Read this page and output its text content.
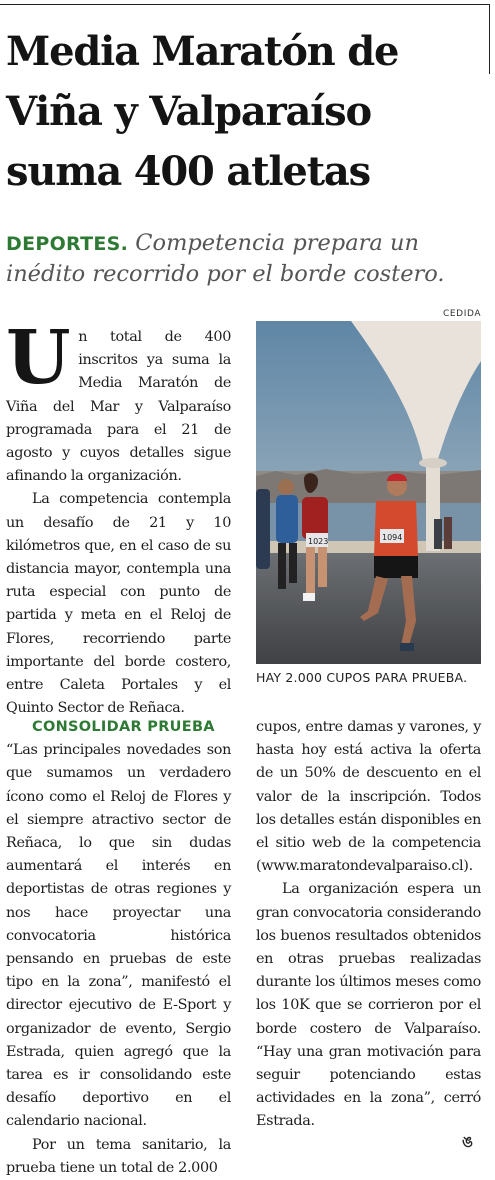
Media Maratón de Viña y Valparaíso suma 400 atletas

DEPORTES. Competencia prepara un inédito recorrido por el borde costero.

CEDIDA
1023	1094
HAY 2.000 CUPOS PARA PRUEBA.
U n total de 400 inscritos ya suma la Media Maratón de Viña del Mar y Valparaíso programada para el 21 de agosto y cuyos detalles sigue afinando la organización.

La competencia contempla un desafío de 21 y 10 kilómetros que, en el caso de su distancia mayor, contempla una ruta especial con punto de partida y meta en el Reloj de Flores, recorriendo parte importante del borde costero, entre Caleta Portales y el Quinto Sector de Reñaca.

CONSOLIDAR PRUEBA

“Las principales novedades son que sumamos un verdadero ícono como el Reloj de Flores y el siempre atractivo sector de Reñaca, lo que sin dudas aumentará el interés en deportistas de otras regiones y nos hace proyectar una convocatoria histórica pensando en pruebas de este tipo en la zona”, manifestó el director ejecutivo de E-Sport y organizador de evento, Sergio Estrada, quien agregó que la tarea es ir consolidando este desafío deportivo en el calendario nacional.

Por un tema sanitario, la prueba tiene un total de 2.000

cupos, entre damas y varones, y hasta hoy está activa la oferta de un 50% de descuento en el valor de la inscripción. Todos los detalles están disponibles en el sitio web de la competencia (www.maratondevalparaiso.cl).

La organización espera un gran convocatoria considerando los buenos resultados obtenidos en otras pruebas realizadas durante los últimos meses como los 10K que se corrieron por el borde costero de Valparaíso. “Hay una gran motivación para seguir potenciando estas actividades en la zona”, cerró Estrada.

ঙ
